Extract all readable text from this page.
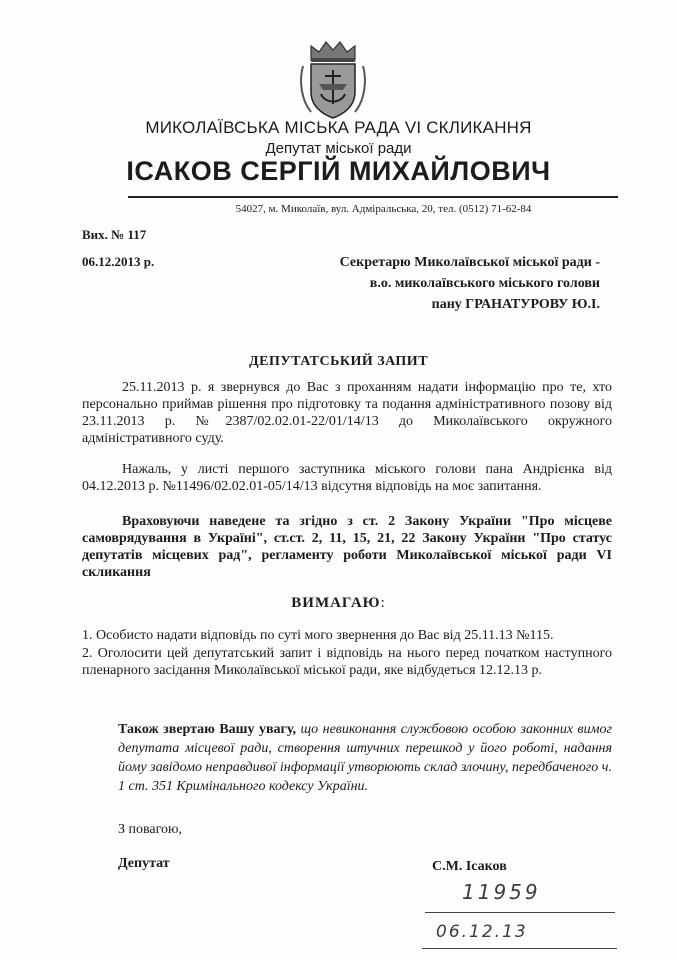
МИКОЛАЇВСЬКА МІСЬКА РАДА VI СКЛИКАННЯ
Депутат міської ради
ІСАКОВ СЕРГІЙ МИХАЙЛОВИЧ
54027, м. Миколаїв, вул. Адміральська, 20, тел. (0512) 71-62-84
Вих. № 117
06.12.2013 р.	Секретарю Миколаївської міської ради -
в.о. миколаївського міського голови
пану ГРАНАТУРОВУ Ю.І.
ДЕПУТАТСЬКИЙ ЗАПИТ
25.11.2013 р. я звернувся до Вас з проханням надати інформацію про те, хто персонально приймав рішення про підготовку та подання адміністративного позову від 23.11.2013 р. №2387/02.02.01-22/01/14/13 до Миколаївського окружного адміністративного суду.
Нажаль, у листі першого заступника міського голови пана Андрієнка від 04.12.2013 р. №11496/02.02.01-05/14/13 відсутня відповідь на моє запитання.
Враховуючи наведене та згідно з ст. 2 Закону України "Про місцеве самоврядування в Україні", ст.ст. 2, 11, 15, 21, 22 Закону України "Про статус депутатів місцевих рад", регламенту роботи Миколаївської міської ради VI скликання
ВИМАГАЮ:
1. Особисто надати відповідь по суті мого звернення до Вас від 25.11.13 №115.
2. Оголосити цей депутатський запит і відповідь на нього перед початком наступного пленарного засідання Миколаївської міської ради, яке відбудеться 12.12.13 р.
Також звертаю Вашу увагу, що невиконання службовою особою законних вимог депутата місцевої ради, створення штучних перешкод у його роботі, надання йому завідомо неправдивої інформації утворюють склад злочину, передбаченого ч. 1 ст. 351 Кримінального кодексу України.
З повагою,
Депутат	С.М. Ісаков
11959
06.12.13
